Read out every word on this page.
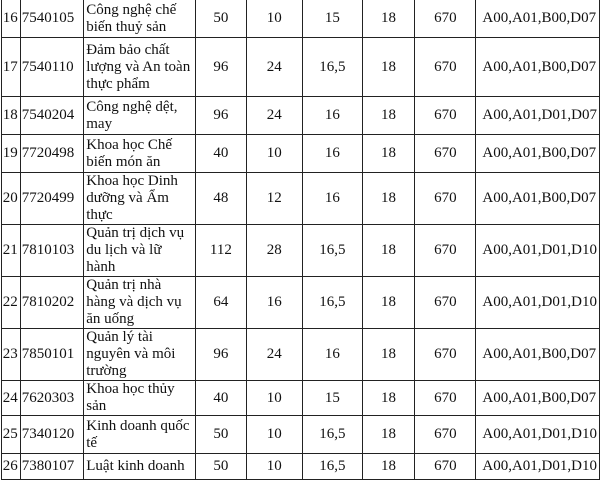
16	7540105	Công nghệ chế biến thuỷ sản	50	10	15	18	670	A00,A01,B00,D07
17	7540110	Đảm bảo chất lượng và An toàn thực phẩm	96	24	16,5	18	670	A00,A01,B00,D07
18	7540204	Công nghệ dệt, may	96	24	16	18	670	A00,A01,D01,D07
19	7720498	Khoa học Chế biến món ăn	40	10	16	18	670	A00,A01,B00,D07
20	7720499	Khoa học Dinh dưỡng và Ẩm thực	48	12	16	18	670	A00,A01,B00,D07
21	7810103	Quản trị dịch vụ du lịch và lữ hành	112	28	16,5	18	670	A00,A01,D01,D10
22	7810202	Quản trị nhà hàng và dịch vụ ăn uống	64	16	16,5	18	670	A00,A01,D01,D10
23	7850101	Quản lý tài nguyên và môi trường	96	24	16	18	670	A00,A01,B00,D07
24	7620303	Khoa học thủy sản	40	10	15	18	670	A00,A01,B00,D07
25	7340120	Kinh doanh quốc tế	50	10	16,5	18	670	A00,A01,D01,D10
26	7380107	Luật kinh doanh	50	10	16,5	18	670	A00,A01,D01,D10
